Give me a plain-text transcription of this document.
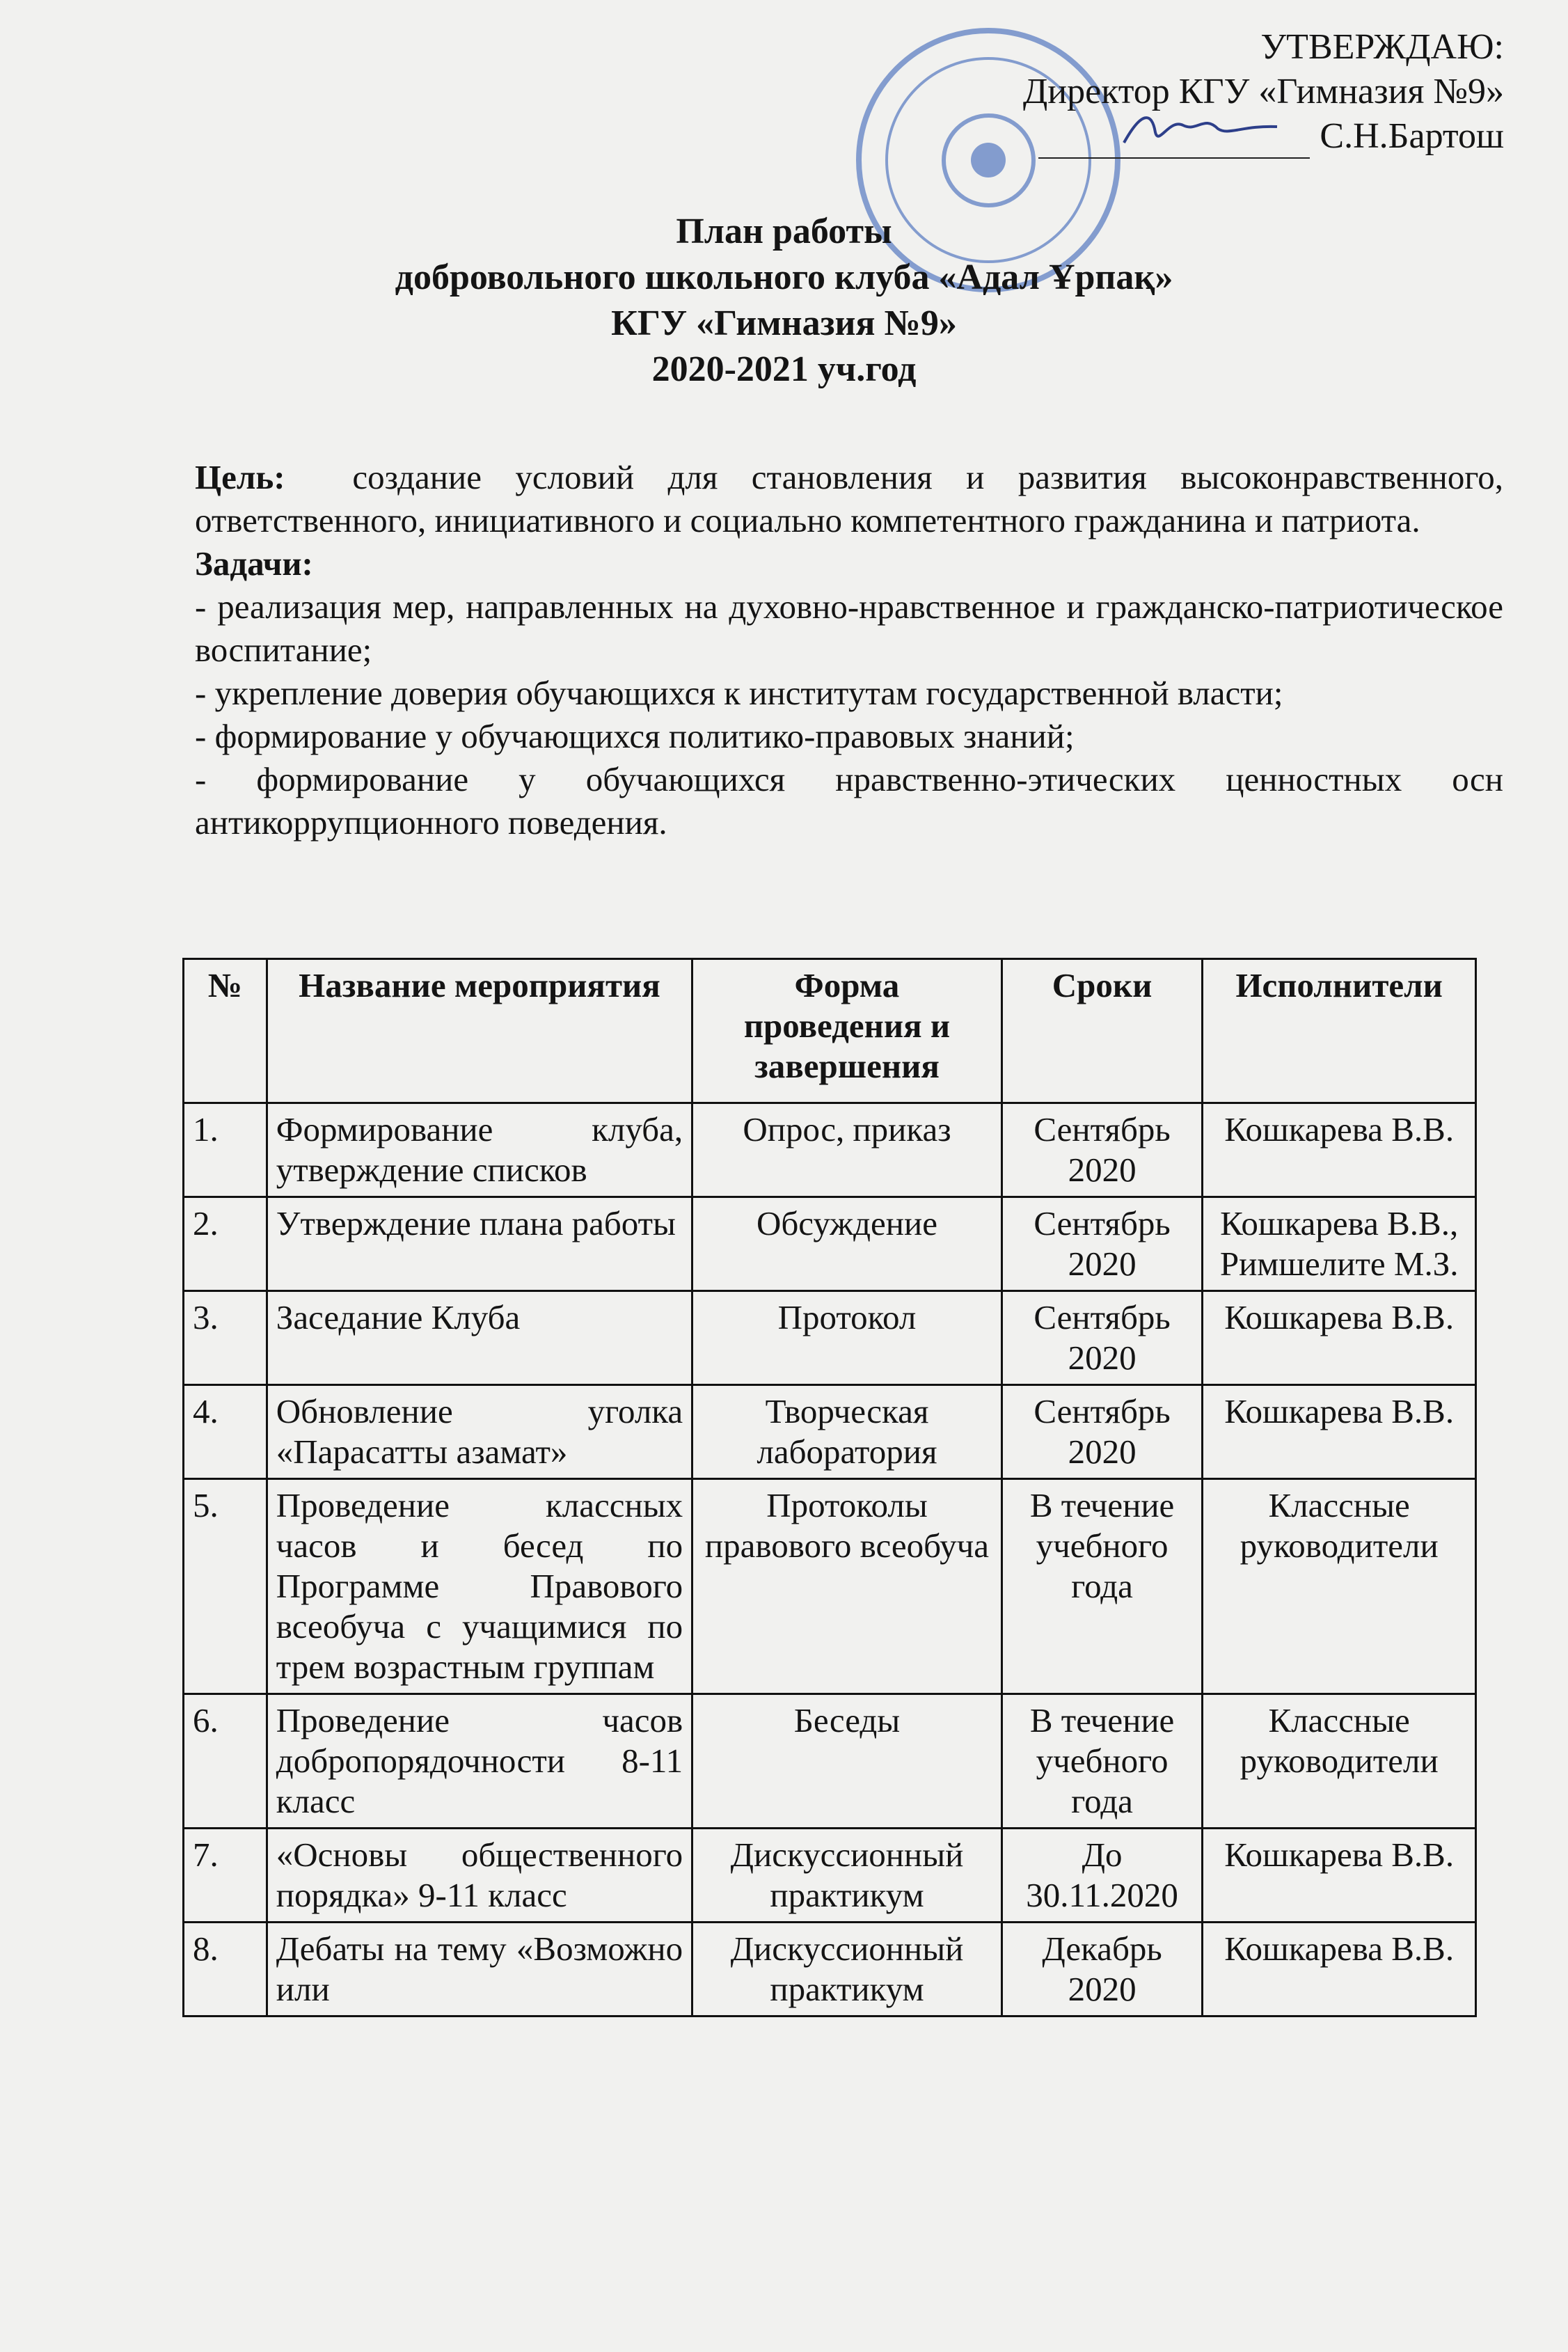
УТВЕРЖДАЮ:
Директор КГУ «Гимназия №9»
С.Н.Бартош
План работы
добровольного школьного клуба «Адал Ұрпақ»
КГУ «Гимназия №9»
2020-2021 уч.год

Цель: создание условий для становления и развития высоконравственного, ответственного, инициативного и социально компетентного гражданина и патриота.

Задачи:

- реализация мер, направленных на духовно-нравственное и гражданско-патриотическое воспитание;

- укрепление доверия обучающихся к институтам государственной власти;

- формирование у обучающихся политико-правовых знаний;

- формирование у обучающихся нравственно-этических ценностных осн антикоррупционного поведения.

№	Название мероприятия	Форма проведения и завершения	Сроки	Исполнители
1.	Формирование клуба, утверждение списков	Опрос, приказ	Сентябрь 2020	Кошкарева В.В.
2.	Утверждение плана работы	Обсуждение	Сентябрь 2020	Кошкарева В.В., Римшелите М.З.
3.	Заседание Клуба	Протокол	Сентябрь 2020	Кошкарева В.В.
4.	Обновление уголка «Парасатты азамат»	Творческая лаборатория	Сентябрь 2020	Кошкарева В.В.
5.	Проведение классных часов и бесед по Программе Правового всеобуча с учащимися по трем возрастным группам	Протоколы правового всеобуча	В течение учебного года	Классные руководители
6.	Проведение часов добропорядочности 8-11 класс	Беседы	В течение учебного года	Классные руководители
7.	«Основы общественного порядка» 9-11 класс	Дискуссионный практикум	До 30.11.2020	Кошкарева В.В.
8.	Дебаты на тему «Возможно или	Дискуссионный практикум	Декабрь 2020	Кошкарева В.В.
